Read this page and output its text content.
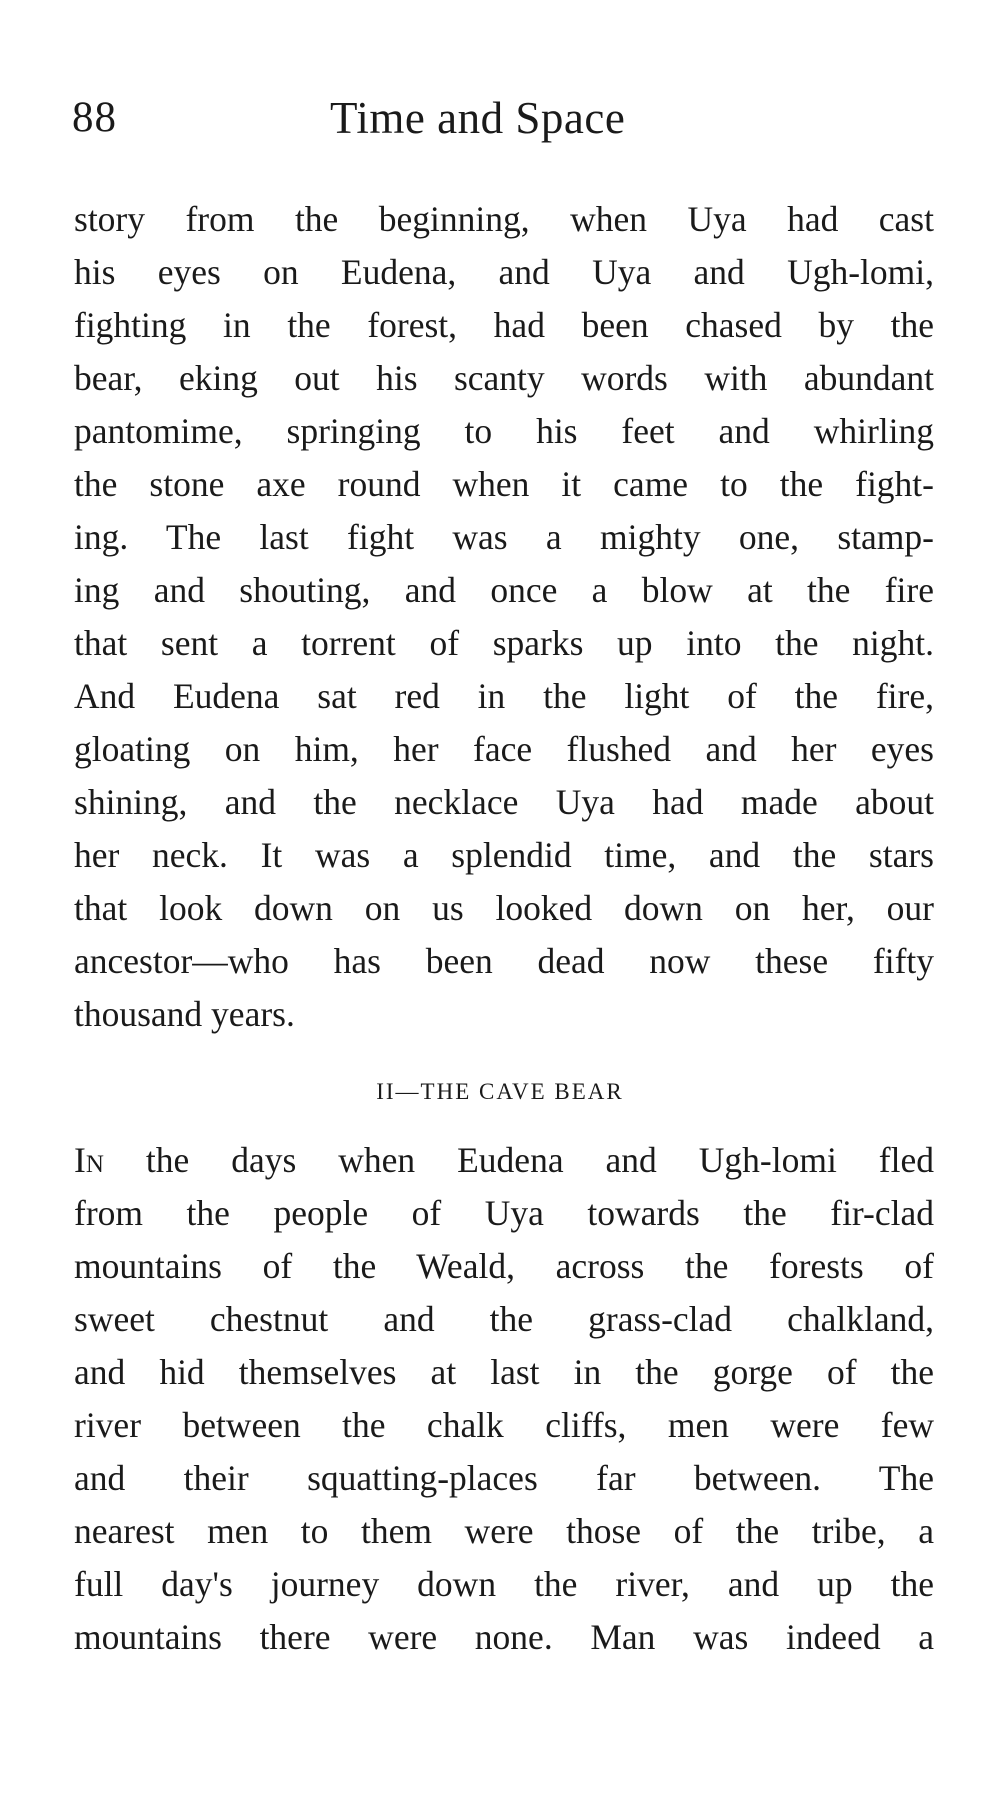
88	Time and Space
story from the beginning, when Uya had cast
his eyes on Eudena, and Uya and Ugh-lomi,
fighting in the forest, had been chased by the
bear, eking out his scanty words with abundant
pantomime, springing to his feet and whirling
the stone axe round when it came to the fight-
ing. The last fight was a mighty one, stamp-
ing and shouting, and once a blow at the fire
that sent a torrent of sparks up into the night.
And Eudena sat red in the light of the fire,
gloating on him, her face flushed and her eyes
shining, and the necklace Uya had made about
her neck. It was a splendid time, and the stars
that look down on us looked down on her, our
ancestor—who has been dead now these fifty
thousand years.
II—THE CAVE BEAR
In the days when Eudena and Ugh-lomi fled
from the people of Uya towards the fir-clad
mountains of the Weald, across the forests of
sweet chestnut and the grass-clad chalkland,
and hid themselves at last in the gorge of the
river between the chalk cliffs, men were few
and their squatting-places far between. The
nearest men to them were those of the tribe, a
full day's journey down the river, and up the
mountains there were none. Man was indeed a
